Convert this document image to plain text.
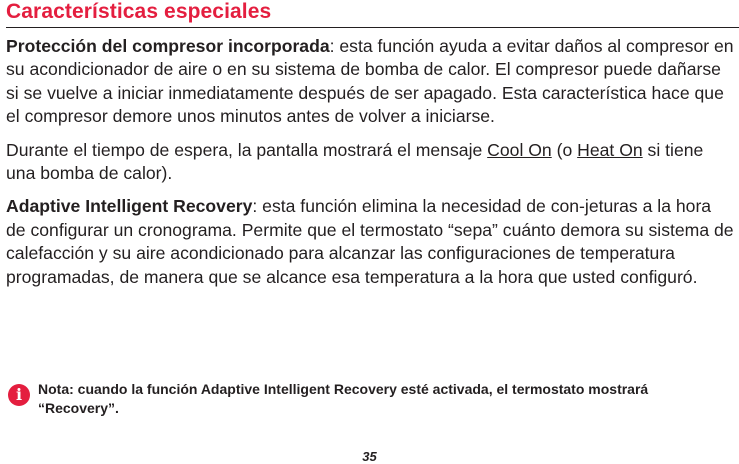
Características especiales

Protección del compresor incorporada: esta función ayuda a evitar daños al compresor en su acondicionador de aire o en su sistema de bomba de calor. El compresor puede dañarse si se vuelve a iniciar inmediatamente después de ser apagado. Esta característica hace que el compresor demore unos minutos antes de volver a iniciarse.

Durante el tiempo de espera, la pantalla mostrará el mensaje Cool On (o Heat On si tiene una bomba de calor).

Adaptive Intelligent Recovery: esta función elimina la necesidad de con-jeturas a la hora de configurar un cronograma. Permite que el termostato “sepa” cuánto demora su sistema de calefacción y su aire acondicionado para alcanzar las configuraciones de temperatura programadas, de manera que se alcance esa temperatura a la hora que usted configuró.

i	Nota: cuando la función Adaptive Intelligent Recovery esté activada, el termostato mostrará “Recovery”.
35
